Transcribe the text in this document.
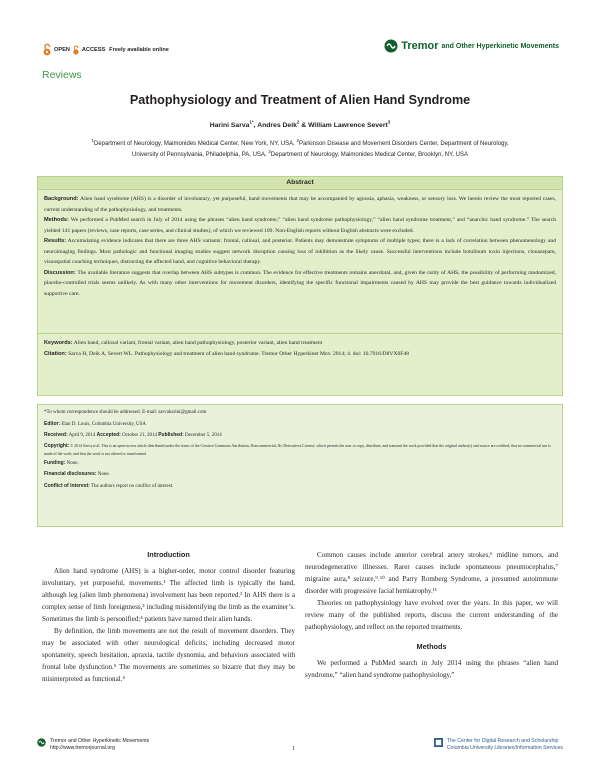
OPEN ACCESS Freely available online	Tremor and Other Hyperkinetic Movements
Reviews
Pathophysiology and Treatment of Alien Hand Syndrome
Harini Sarva$^{1*}$, Andres Deik$^2$ & William Lawrence Severt$^3$
$^1$Department of Neurology, Maimonides Medical Center, New York, NY, USA, $^2$Parkinson Disease and Movement Disorders Center, Department of Neurology,
University of Pennsylvania, Philadelphia, PA, USA, $^3$Department of Neurology, Maimonides Medical Center, Brooklyn, NY, USA
Abstract

Background: Alien hand syndrome (AHS) is a disorder of involuntary, yet purposeful, hand movements that may be accompanied by agnosia, aphasia, weakness, or sensory loss. We herein review the most reported cases, current understanding of the pathophysiology, and treatments.

Methods: We performed a PubMed search in July of 2014 using the phrases “alien hand syndrome,” “alien hand syndrome pathophysiology,” “alien hand syndrome treatment,” and “anarchic hand syndrome.” The search yielded 141 papers (reviews, case reports, case series, and clinical studies), of which we reviewed 109. Non-English reports without English abstracts were excluded.

Results: Accumulating evidence indicates that there are three AHS variants: frontal, callosal, and posterior. Patients may demonstrate symptoms of multiple types; there is a lack of correlation between phenomenology and neuroimaging findings. Most pathologic and functional imaging studies suggest network disruption causing loss of inhibition as the likely cause. Successful interventions include botulinum toxin injections, clonazepam, visuospatial coaching techniques, distracting the affected hand, and cognitive behavioral therapy.

Discussion: The available literature suggests that overlap between AHS subtypes is common. The evidence for effective treatments remains anecdotal, and, given the rarity of AHS, the possibility of performing randomized, placebo-controlled trials seems unlikely. As with many other interventions for movement disorders, identifying the specific functional impairments caused by AHS may provide the best guidance towards individualized supportive care.

Keywords: Alien hand, callosal variant, frontal variant, alien hand pathophysiology, posterior variant, alien hand treatment

Citation: Sarva H, Deik A, Severt WL. Pathophysiology and treatment of alien hand syndrome. Tremor Other Hyperkinet Mov. 2014; 4. doi: 10.7916/D8VX0F48

*To whom correspondence should be addressed. E-mail: sarvaharini@gmail.com

Editor: Elan D. Louis, Columbia University, USA

Received: April 9, 2014 Accepted: October 21, 2014 Published: December 5, 2014

Copyright: © 2014 Sarva et al. This is an open-access article distributed under the terms of the Creative Commons Attribution–Noncommercial–No Derivatives License, which permits the user to copy, distribute, and transmit the work provided that the original author(s) and source are credited; that no commercial use is made of the work; and that the work is not altered or transformed.

Funding: None.

Financial disclosures: None.

Conflict of interest: The authors report no conflict of interest.

Introduction

Alien hand syndrome (AHS) is a higher-order, motor control disorder featuring involuntary, yet purposeful, movements.¹ The affected limb is typically the hand, although leg (alien limb phenomena) involvement has been reported.² In AHS there is a complex sense of limb foreignness,³ including misidentifying the limb as the examiner’s. Sometimes the limb is personified;⁴ patients have named their alien hands.

By definition, the limb movements are not the result of movement disorders. They may be associated with other neurological deficits, including decreased motor spontaneity, speech hesitation, apraxia, tactile dysnomia, and behaviors associated with frontal lobe dysfunction.⁵ The movements are sometimes so bizarre that they may be misinterpreted as functional.⁴

Common causes include anterior cerebral artery strokes,⁶ midline tumors, and neurodegenerative illnesses. Rarer causes include spontaneous pneumocephalus,⁷ migraine aura,⁸ seizure,⁹˒¹⁰ and Parry Romberg Syndrome, a presumed autoimmune disorder with progressive facial hemiatrophy.¹¹

Theories on pathophysiology have evolved over the years. In this paper, we will review many of the published reports, discuss the current understanding of the pathophysiology, and reflect on the reported treatments.

Methods

We performed a PubMed search in July 2014 using the phrases “alien hand syndrome,” “alien hand syndrome pathophysiology,”

Tremor and Other Hyperkinetic Movements
http://www.tremorjournal.org	1
The Center for Digital Research and Scholarship
Columbia University Libraries/Information Services
